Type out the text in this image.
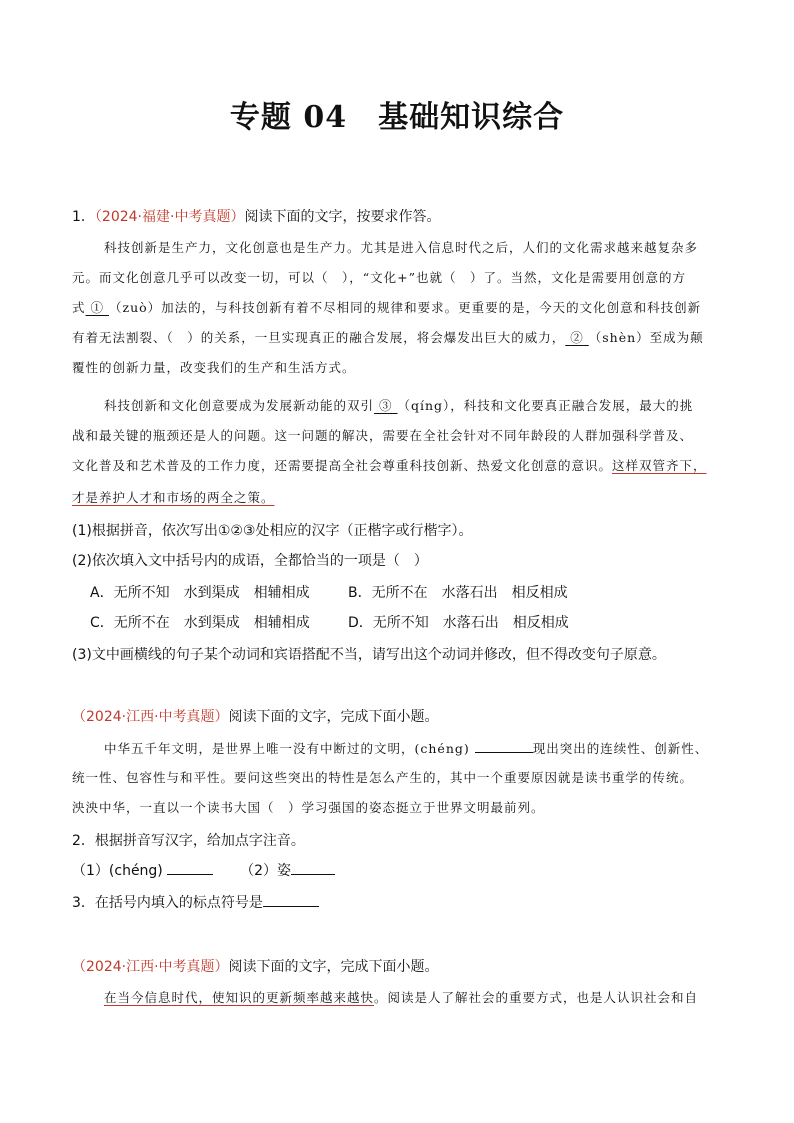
专题 04　基础知识综合
1．（2024·福建·中考真题）阅读下面的文字，按要求作答。
科技创新是生产力，文化创意也是生产力。尤其是进入信息时代之后，人们的文化需求越来越复杂多
元。而文化创意几乎可以改变一切，可以（　），“文化+”也就（　）了。当然，文化是需要用创意的方
式 ① （zuò）加法的，与科技创新有着不尽相同的规律和要求。更重要的是，今天的文化创意和科技创新
有着无法割裂、（　）的关系，一旦实现真正的融合发展，将会爆发出巨大的威力， ② （shèn）至成为颠
覆性的创新力量，改变我们的生产和生活方式。
科技创新和文化创意要成为发展新动能的双引 ③ （qíng），科技和文化要真正融合发展，最大的挑
战和最关键的瓶颈还是人的问题。这一问题的解决，需要在全社会针对不同年龄段的人群加强科学普及、
文化普及和艺术普及的工作力度，还需要提高全社会尊重科技创新、热爱文化创意的意识。这样双管齐下，
才是养护人才和市场的两全之策。
(1)根据拼音，依次写出①②③处相应的汉字（正楷字或行楷字）。
(2)依次填入文中括号内的成语，全都恰当的一项是（　）
A．无所不知　水到渠成　相辅相成	B．无所不在　水落石出　相反相成
C．无所不在　水到渠成　相辅相成	D．无所不知　水落石出　相反相成
(3)文中画横线的句子某个动词和宾语搭配不当，请写出这个动词并修改，但不得改变句子原意。
（2024·江西·中考真题）阅读下面的文字，完成下面小题。
中华五千年文明，是世界上唯一没有中断过的文明，(chéng)	现出突出的连续性、创新性、
统一性、包容性与和平性。要问这些突出的特性是怎么产生的，其中一个重要原因就是读书重学的传统。
泱泱中华，一直以一个读书大国（　）学习强国的姿态挺立于世界文明最前列。
2．根据拼音写汉字，给加点字注音。
（1）(chéng)	（2）姿
3．在括号内填入的标点符号是
（2024·江西·中考真题）阅读下面的文字，完成下面小题。
在当今信息时代，使知识的更新频率越来越快。阅读是人了解社会的重要方式，也是人认识社会和自
